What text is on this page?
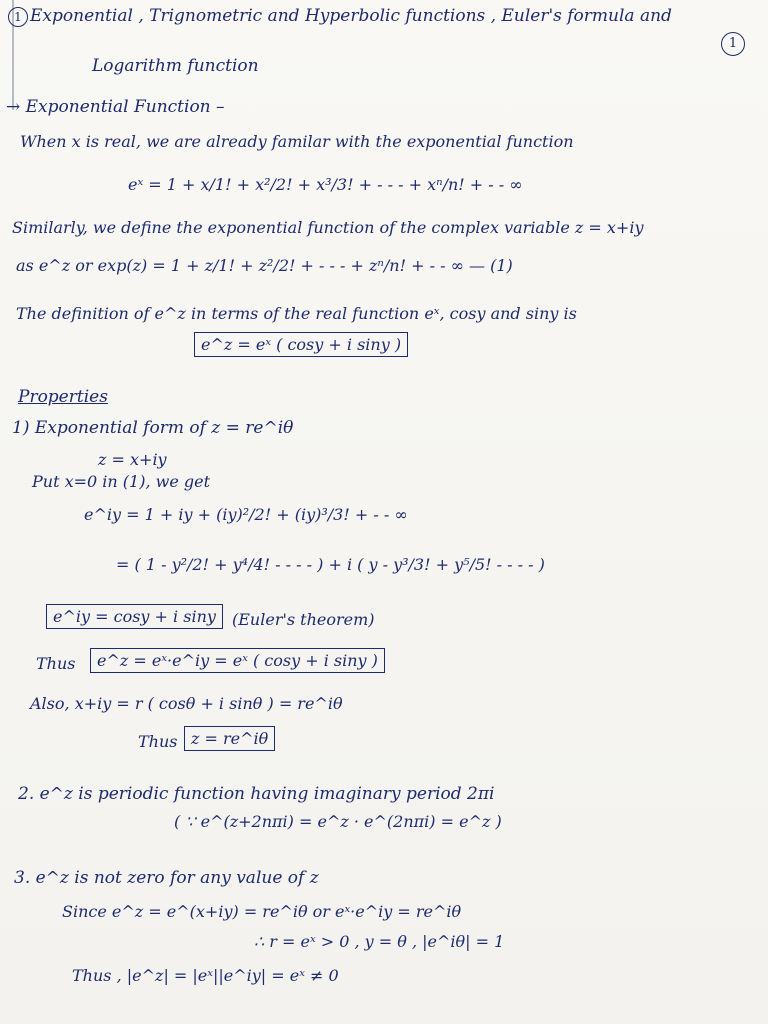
1 Exponential , Trignometric and Hyperbolic functions , Euler's formula and
1
Logarithm function
→ Exponential Function –
When x is real, we are already familar with the exponential function
eˣ = 1 + x/1! + x²/2! + x³/3! + - - - + xⁿ/n! + - - ∞
Similarly, we define the exponential function of the complex variable z = x+iy
as e^z or exp(z) = 1 + z/1! + z²/2! + - - - + zⁿ/n! + - - ∞ — (1)
The definition of e^z in terms of the real function eˣ, cosy and siny is
e^z = eˣ ( cosy + i siny )
Properties
1) Exponential form of z = re^iθ
z = x+iy
Put x=0 in (1), we get
e^iy = 1 + iy + (iy)²/2! + (iy)³/3! + - - ∞
= ( 1 - y²/2! + y⁴/4! - - - - ) + i ( y - y³/3! + y⁵/5! - - - - )
e^iy = cosy + i siny	(Euler's theorem)
Thus	e^z = eˣ·e^iy = eˣ ( cosy + i siny )
Also, x+iy = r ( cosθ + i sinθ ) = re^iθ
Thus z = re^iθ
2. e^z is periodic function having imaginary period 2πi
( ∵ e^(z+2nπi) = e^z · e^(2nπi) = e^z )
3. e^z is not zero for any value of z
Since e^z = e^(x+iy) = re^iθ or eˣ·e^iy = re^iθ
∴ r = eˣ > 0 , y = θ , |e^iθ| = 1
Thus , |e^z| = |eˣ||e^iy| = eˣ ≠ 0
